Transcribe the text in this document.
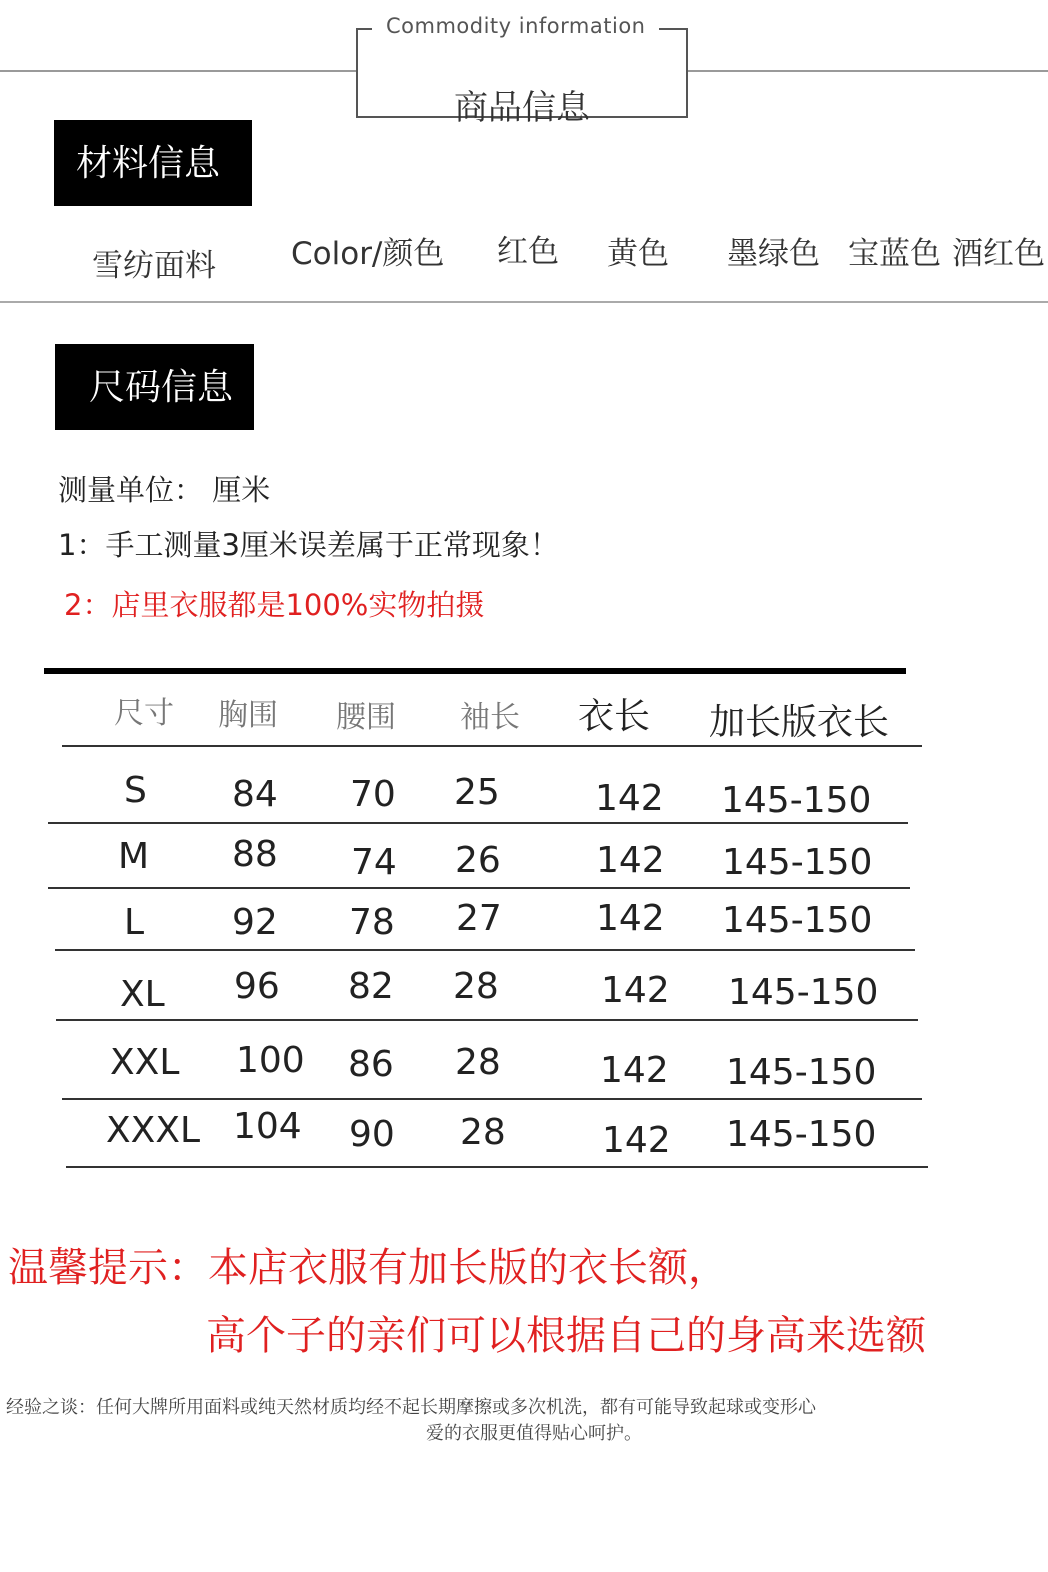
商品信息
Commodity information
材料信息
雪纺面料 Color/颜色 红色 黄色 墨绿色 宝蓝色 酒红色
尺码信息
测量单位： 厘米
1：手工测量3厘米误差属于正常现象！
2：店里衣服都是100%实物拍摄
尺寸 胸围 腰围 袖长 衣长 加长版衣长
S 84 70 25	142 145-150
M 88 74 26	142 145-150
L 92 78 27	142 145-150
XL 96 82 28	142 145-150
XXL 100 86 28	142 145-150
XXXL 104 90 28	142 145-150
温馨提示：本店衣服有加长版的衣长额，
高个子的亲们可以根据自己的身高来选额
经验之谈：任何大牌所用面料或纯天然材质均经不起长期摩擦或多次机洗，都有可能导致起球或变形心
爱的衣服更值得贴心呵护。
